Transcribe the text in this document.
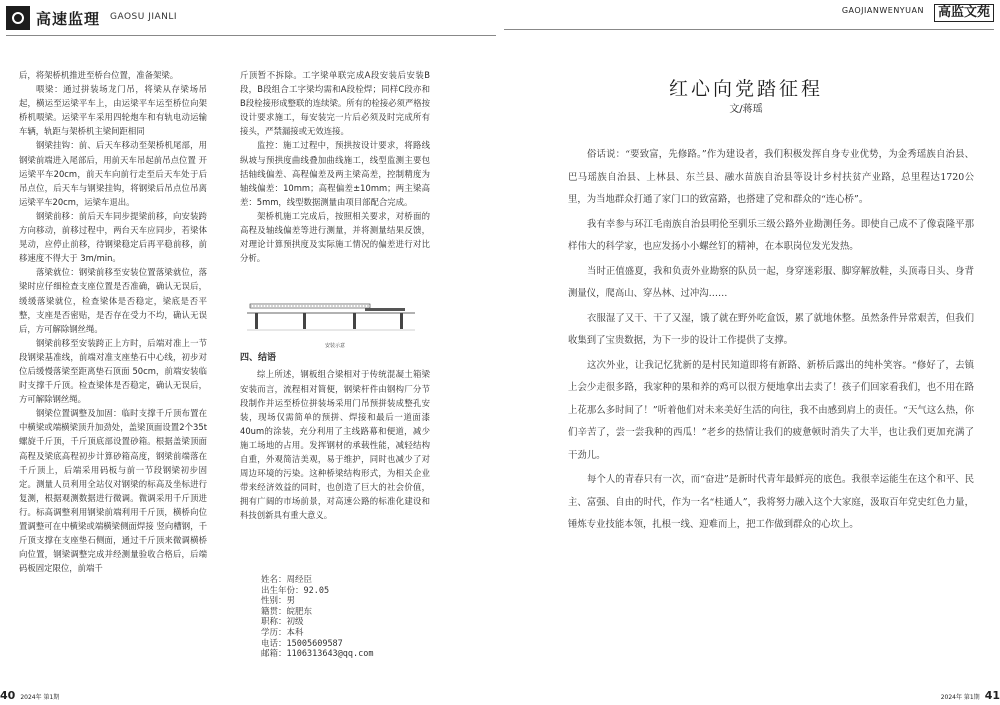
高速监理 GAOSU JIANLI
GAOJIANWENYUAN	高监文苑

后，将架桥机推进至桥台位置，准备架梁。

喂梁：通过拼装场龙门吊，将梁从存梁场吊起，横运至运梁平车上，由运梁平车运至桥位向架桥机喂梁。运梁平车采用四轮炮车和有轨电动运输车辆，轨距与架桥机主梁间距相同

钢梁挂钩：前、后天车移动至架桥机尾部，用钢梁前端进入尾部后，用前天车吊起前吊点位置 开运梁平车20cm，前天车向前行走至后天车处于后吊点位，后天车与钢梁挂钩，将钢梁后吊点位吊离运梁平车20cm，运梁车退出。

钢梁前移：前后天车同步提梁前移，向安装跨方向移动，前移过程中，两台天车应同步，若梁体晃动，应停止前移，待钢梁稳定后再平稳前移，前移速度不得大于 3m/min。

落梁就位：钢梁前移至安装位置落梁就位，落梁时应仔细检查支座位置是否准确，确认无误后，缓缓落梁就位，检查梁体是否稳定，梁底是否平整，支座是否密贴，是否存在受力不均，确认无误后，方可解除钢丝绳。

钢梁前移至安装跨正上方时，后端对准上一节段钢梁基准线，前端对准支座垫石中心线，初步对位后缓慢落梁至距离垫石顶面 50cm，前端安装临时支撑千斤顶。检查梁体是否稳定，确认无误后，方可解除钢丝绳。

钢梁位置调整及加固：临时支撑千斤顶布置在中横梁或端横梁顶升加劲处，盖梁顶面设置2个35t螺旋千斤顶，千斤顶底部设置砂箱。根据盖梁顶面高程及梁底高程初步计算砂箱高度，钢梁前端落在千斤顶上，后端采用码板与前一节段钢梁初步固定。测量人员利用全站仪对钢梁的标高及坐标进行复测，根据观测数据进行微调。微调采用千斤顶进行。标高调整利用钢梁前端利用千斤顶，横桥向位置调整可在中横梁或端横梁侧面焊接 竖向槽钢，千斤顶支撑在支座垫石侧面，通过千斤顶来微调横桥向位置，钢梁调整完成并经测量验收合格后，后端码板固定限位，前端千

斤顶暂不拆除。工字梁单联完成A段安装后安装B段，B段组合工字梁均需和A段栓焊；同样C段亦和B段栓接形成整联的连续梁。所有的栓接必须严格按设计要求施工，每安装完一片后必须及时完成所有接头，严禁漏接或无效连接。

监控：施工过程中，预拱按设计要求，将路线纵坡与预拱度曲线叠加曲线施工，线型监测主要包括轴线偏差、高程偏差及两主梁高差，控制精度为轴线偏差：10mm；高程偏差±10mm；两主梁高差：5mm，线型数据测量由项目部配合完成。

架桥机施工完成后，按照相关要求，对桥面的高程及轴线偏差等进行测量，并将测量结果反馈，对理论计算预拱度及实际施工情况的偏差进行对比分析。

四、结语

综上所述，钢板组合梁相对于传统混凝土箱梁安装而言，流程相对简便，钢梁杆件由钢构厂分节段制作并运至桥位拼装场采用门吊预拼装成整孔安装，现场仅需简单的预拼、焊接和最后一道面漆40um的涂装，充分利用了主线路幕和便道，减少施工场地的占用。发挥钢材的承载性能，减轻结构自重，外观简洁美观，易于维护，同时也减少了对周边环境的污染。这种桥梁结构形式，为相关企业带来经济效益的同时，也创造了巨大的社会价值，拥有广阔的市场前景，对高速公路的标准化建设和科技创新具有重大意义。

安装示意
姓名：周经臣
出生年份：92.05
性别：男
籍贯：皖肥东
职称：初级
学历：本科
电话：15005609587
邮箱：1106313643@qq.com
红心向党踏征程
文/蒋瑶

俗话说：“要致富，先修路。”作为建设者，我们积极发挥自身专业优势，为金秀瑶族自治县、巴马瑶族自治县、上林县、东兰县、融水苗族自治县等设计乡村扶贫产业路，总里程达1720公里，为当地群众打通了家门口的致富路，也搭建了党和群众的“连心桥”。

我有幸参与环江毛南族自治县明伦至驯乐三级公路外业勘测任务。即使自己成不了像袁隆平那样伟大的科学家，也应发扬小小螺丝钉的精神，在本职岗位发光发热。

当时正值盛夏，我和负责外业勘察的队员一起，身穿迷彩服、脚穿解放鞋，头顶毒日头、身背测量仪，爬高山、穿丛林、过冲沟……

衣服湿了又干、干了又湿，饿了就在野外吃盒饭，累了就地休整。虽然条件异常艰苦，但我们收集到了宝贵数据，为下一步的设计工作提供了支撑。

这次外业，让我记忆犹新的是村民知道即将有新路、新桥后露出的纯朴笑容。“修好了，去镇上会少走很多路，我家种的果和养的鸡可以很方便地拿出去卖了！孩子们回家看我们，也不用在路上花那么多时间了！”听着他们对未来美好生活的向往，我不由感到肩上的责任。“天气这么热，你们辛苦了，尝一尝我种的西瓜！”老乡的热情让我们的疲惫顿时消失了大半，也让我们更加充满了干劲儿。

每个人的青春只有一次，而“奋进”是新时代青年最鲜亮的底色。我很幸运能生在这个和平、民主、富强、自由的时代，作为一名“桂通人”，我将努力融入这个大家庭，汲取百年党史红色力量，锤炼专业技能本领，扎根一线、迎难而上，把工作做到群众的心坎上。

40 2024年 第1期	2024年 第1期 41
